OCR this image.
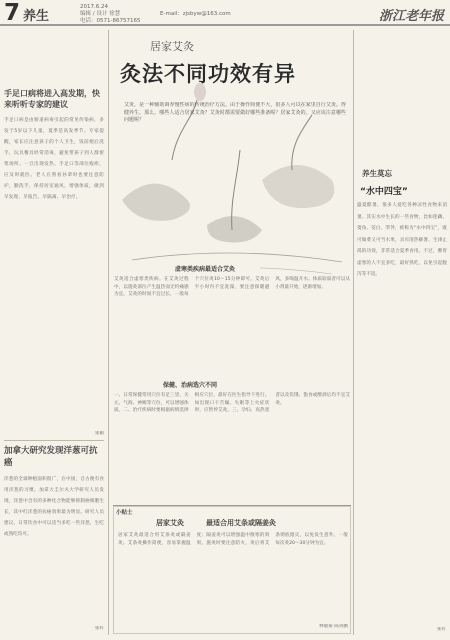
7 养生
2017.6.24
编辑 / 设计 徐慧
电话：0571-86757165
E-mail：zjsbyw@163.com	浙江老年报
手足口病将进入高发期，快来听听专家的建议
手足口病是由肠道病毒引起的常见传染病，多发于5岁以下儿童，夏季是高发季节。专家提醒，家长应注意孩子的个人卫生，饭前便后洗手，玩具餐具经常消毒，避免带孩子到人群密集场所。一旦出现发热、手足口等部位疱疹，应及时就医。老人在照看孙辈时也要注意防护，勤洗手，保持居室通风，增强体质，做到早发现、早报告、早隔离、早治疗。
张颖
加拿大研究发现洋葱可抗癌
洋葱的全球种植面积很广，在中国，自古便有食用洋葱的习惯。加拿大圭尔夫大学研究人员发现，洋葱中含有的多种化合物能够抑制癌细胞生长，其中红洋葱的抗癌效果最为明显。研究人员建议，日常饮食中可以适当多吃一些洋葱，生吃或熟吃均可。
张好
居家艾灸
灸法不同功效有异
艾灸，是一种辅助调养慢性病的传统治疗方法。由于操作简便不大，很多人可以在家里自行艾灸。得健养生，那么，哪些人适合居家艾灸？艾灸时都需要做好哪些准备呢？居家艾灸的，又应该注意哪些问题呢？
虚寒类疾病最适合艾灸
艾灸适合虚寒类疾病。在艾灸过程中，以施灸部位产生温热而无灼痛感为宜。艾灸的时间不宜过长，一般每个穴位灸10～15分钟即可。艾灸后半小时内不宜洗澡，要注意保暖避风，多喝温开水。体质较弱者可以从小剂量开始，逐渐增加。
保健、治病选穴不同
一、日常保健常用穴位有足三里、关元、气海、神阙等穴位，可以增强体质。二、治疗疾病时要根据病情选择相应穴位，最好在医生指导下进行。如出现口干舌燥、失眠等上火症状时，应暂停艾灸。三、孕妇、高热患者以及饥饿、饱食或醉酒后均不宜艾灸。
小贴士
居家艾灸	最适合用艾条或隔姜灸
居家艾灸最适合用艾条灸或隔姜灸。艾条灸操作简便，容易掌握温度；隔姜灸可以增强温中散寒的效果。施灸时要注意防火，灸后将艾条彻底熄灭，以免发生意外。一般每次灸20～30分钟为宜。
林敏菊 陈剑鹏
养生莫忘
“水中四宝”
盛夏酷暑，很多人爱吃各种凉性食物来消暑。其实水中生长的一些食物，比如莲藕、菱角、茭白、荸荠，被称为“水中四宝”，既可做菜又可当水果，具有清热解暑、生津止渴的功效，非常适合夏季食用。不过，脾胃虚寒的人不宜多吃，最好熟吃，以免引起腹泻等不适。
张好
